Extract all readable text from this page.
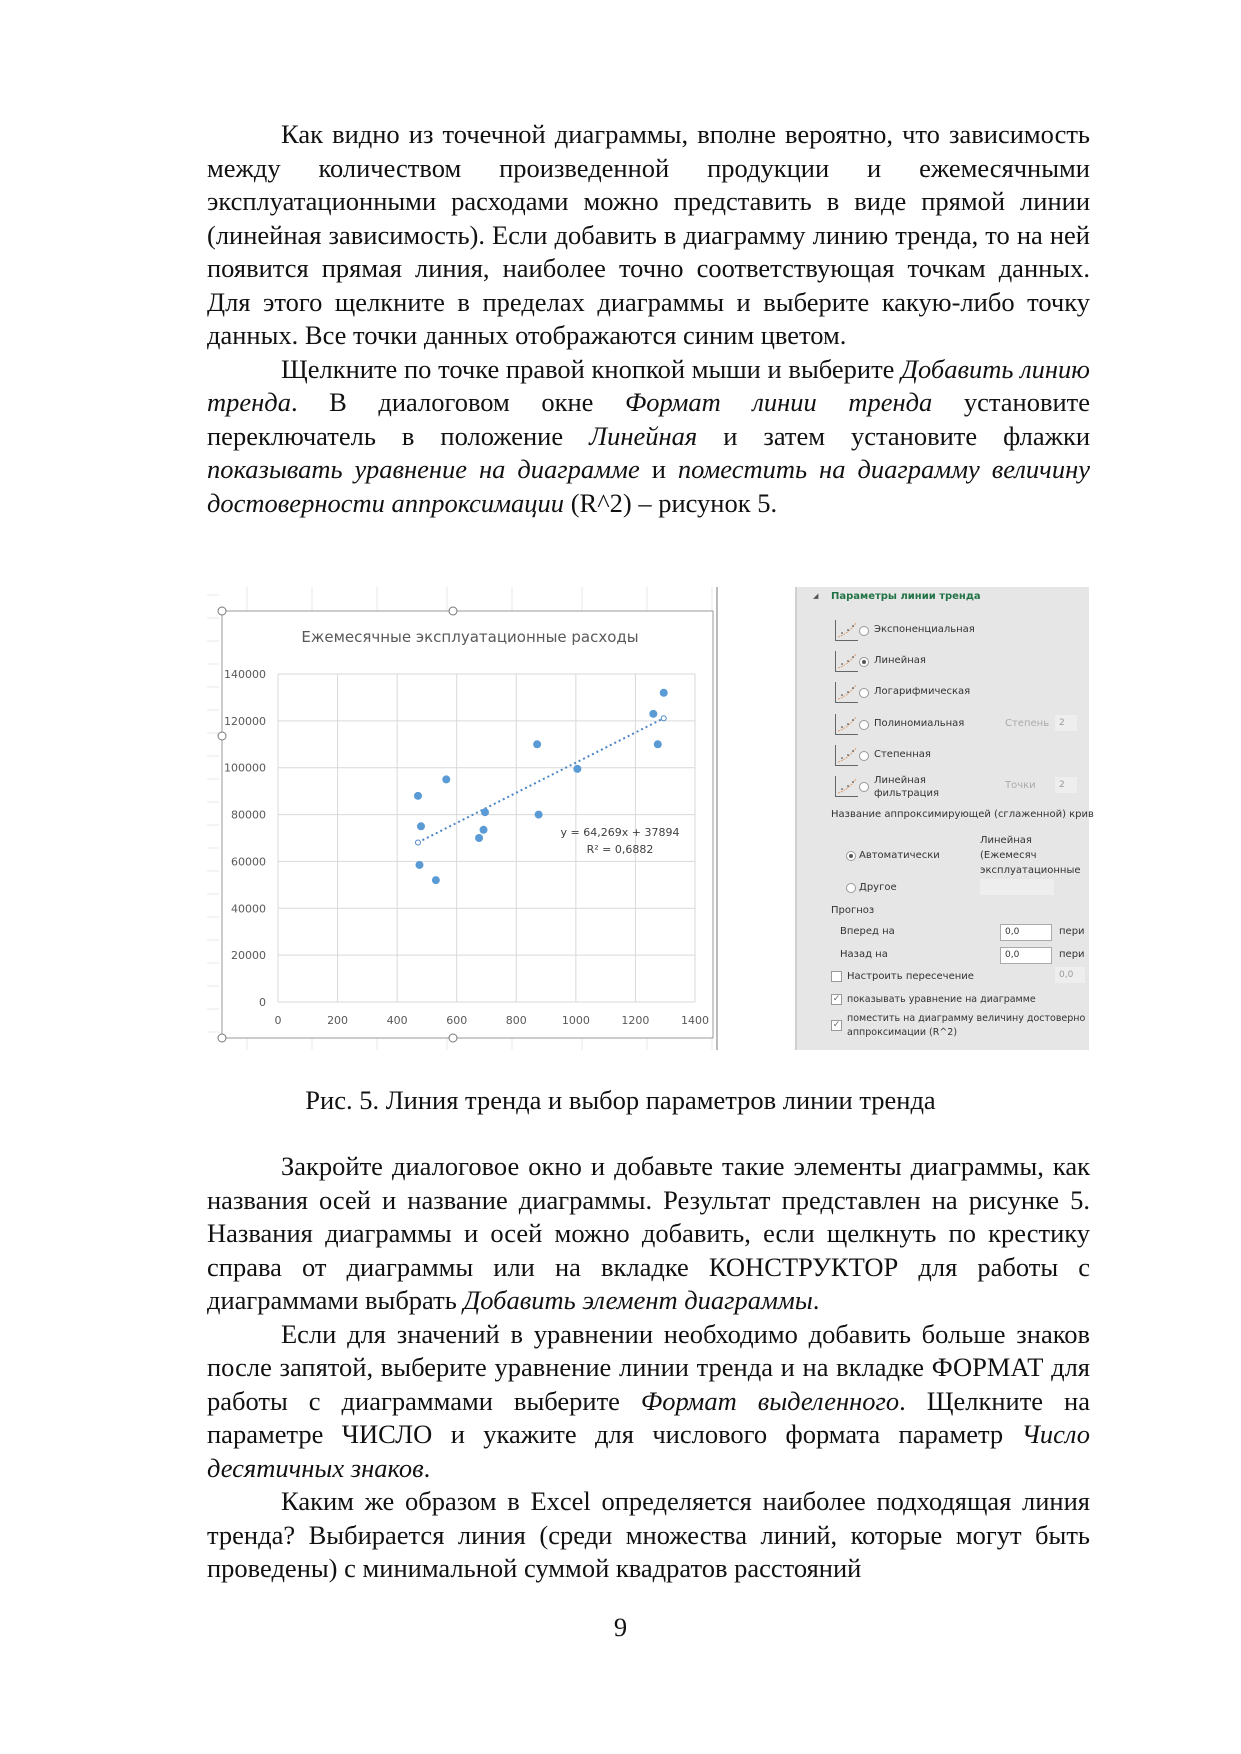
Как видно из точечной диаграммы, вполне вероятно, что зависимость между количеством произведенной продукции и ежемесячными эксплуатационными расходами можно представить в виде прямой линии (линейная зависимость). Если добавить в диаграмму линию тренда, то на ней появится прямая линия, наиболее точно соответствующая точкам данных. Для этого щелкните в пределах диаграммы и выберите какую-либо точку данных. Все точки данных отображаются синим цветом.

Щелкните по точке правой кнопкой мыши и выберите Добавить линию тренда. В диалоговом окне Формат линии тренда установите переключатель в положение Линейная и затем установите флажки показывать уравнение на диаграмме и поместить на диаграмму величину достоверности аппроксимации (R^2) – рисунок 5.

Ежемесячные эксплуатационные расходы
0
20000
40000
60000
80000
100000
120000
140000
0	200	400	600	800	1000	1200	1400
y = 64,269x + 37894
R² = 0,6882
◢ Параметры линии тренда
Экспоненциальная
Линейная
Логарифмическая
Полиномиальная	Степень	2
Степенная
Линейная фильтрация
Точки	2
Название аппроксимирующей (сглаженной) крив
Автоматически
Линейная (Ежемесяч эксплуатационные
Другое
Прогноз
Вперед на	0,0	пери
Назад на	0,0	пери
Настроить пересечение	0,0
✓ показывать уравнение на диаграмме
✓
поместить на диаграмму величину достоверно аппроксимации (R^2)
Рис. 5. Линия тренда и выбор параметров линии тренда

Закройте диалоговое окно и добавьте такие элементы диаграммы, как названия осей и название диаграммы. Результат представлен на рисунке 5. Названия диаграммы и осей можно добавить, если щелкнуть по крестику справа от диаграммы или на вкладке КОНСТРУКТОР для работы с диаграммами выбрать Добавить элемент диаграммы.

Если для значений в уравнении необходимо добавить больше знаков после запятой, выберите уравнение линии тренда и на вкладке ФОРМАТ для работы с диаграммами выберите Формат выделенного. Щелкните на параметре ЧИСЛО и укажите для числового формата параметр Число десятичных знаков.

Каким же образом в Excel определяется наиболее подходящая линия тренда? Выбирается линия (среди множества линий, которые могут быть проведены) с минимальной суммой квадратов расстояний

9
